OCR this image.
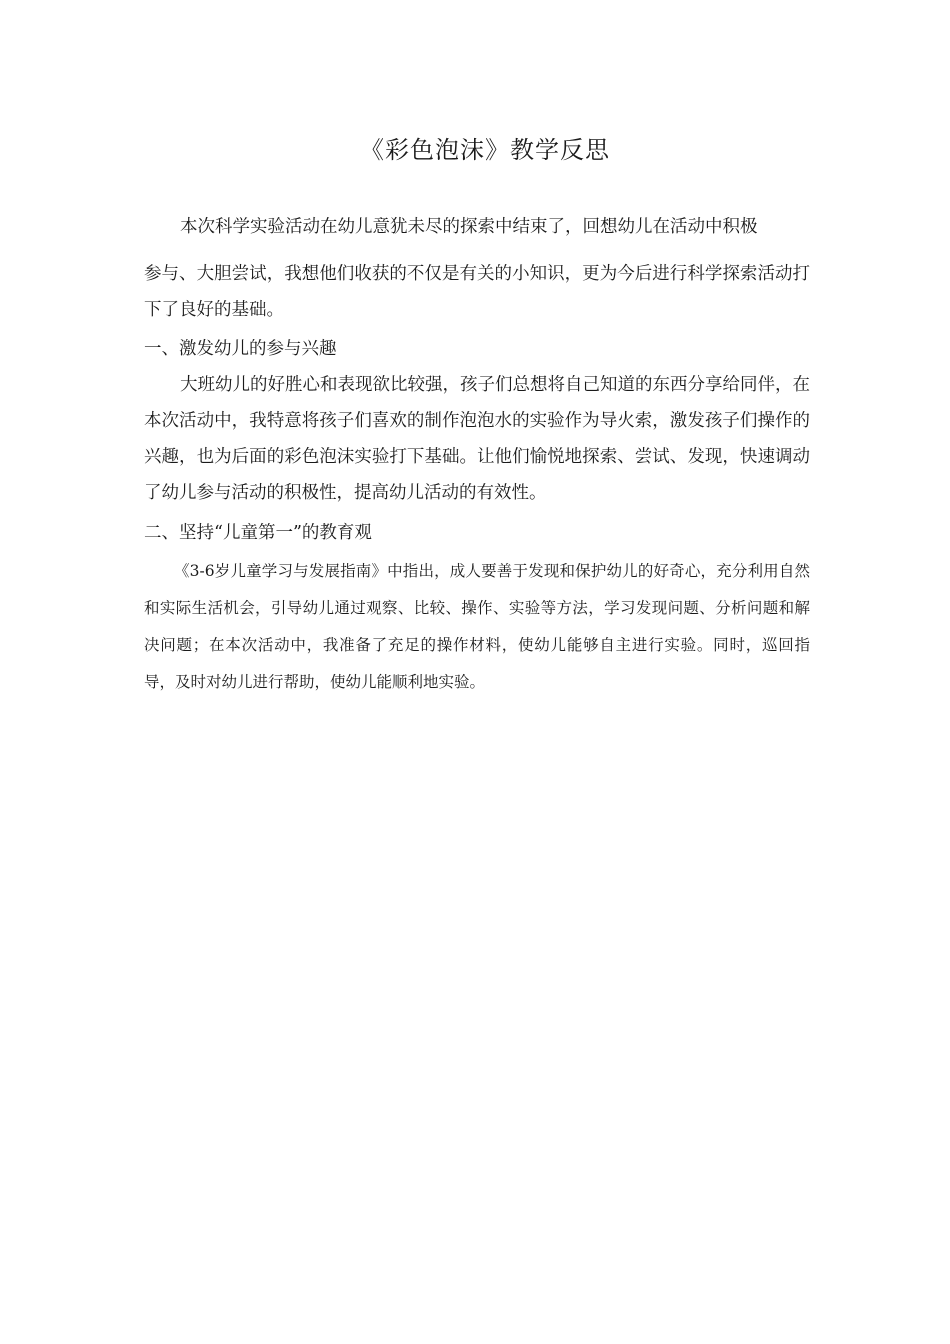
《彩色泡沫》教学反思
本次科学实验活动在幼儿意犹未尽的探索中结束了，回想幼儿在活动中积极
参与、大胆尝试，我想他们收获的不仅是有关的小知识，更为今后进行科学探索活动打下了良好的基础。
一、激发幼儿的参与兴趣
大班幼儿的好胜心和表现欲比较强，孩子们总想将自己知道的东西分享给同伴，在本次活动中，我特意将孩子们喜欢的制作泡泡水的实验作为导火索，激发孩子们操作的兴趣，也为后面的彩色泡沫实验打下基础。让他们愉悦地探索、尝试、发现，快速调动了幼儿参与活动的积极性，提高幼儿活动的有效性。
二、坚持“儿童第一”的教育观
《3-6岁儿童学习与发展指南》中指出，成人要善于发现和保护幼儿的好奇心，充分利用自然和实际生活机会，引导幼儿通过观察、比较、操作、实验等方法，学习发现问题、分析问题和解决问题；在本次活动中，我准备了充足的操作材料，使幼儿能够自主进行实验。同时，巡回指导，及时对幼儿进行帮助，使幼儿能顺利地实验。
